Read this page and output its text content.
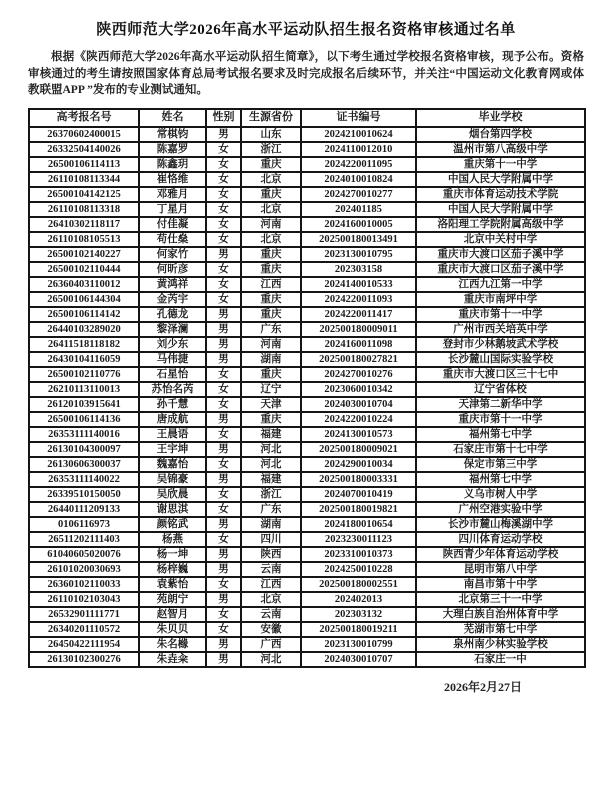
陕西师范大学2026年高水平运动队招生报名资格审核通过名单

根据《陕西师范大学2026年高水平运动队招生简章》，以下考生通过学校报名资格审核，现予公布。资格审核通过的考生请按照国家体育总局考试报名要求及时完成报名后续环节，并关注“中国运动文化教育网或体教联盟APP ”发布的专业测试通知。

高考报名号	姓名	性别	生源省份	证书编号	毕业学校
26370602400015	常棋钧	男	山东	2024210010624	烟台第四学校
26332504140026	陈嘉罗	女	浙江	2024110012010	温州市第八高级中学
26500106114113	陈鑫玥	女	重庆	2024220011095	重庆第十一中学
26110108113344	崔恪维	女	北京	2024010010824	中国人民大学附属中学
26500104142125	邓雅月	女	重庆	2024270010277	重庆市体育运动技术学院
26110108113318	丁星月	女	北京	202401185	中国人民大学附属中学
26410302118117	付佳凝	女	河南	2024160010005	洛阳理工学院附属高级中学
26110108105513	苟仕燊	女	北京	202500180013491	北京中关村中学
26500102140227	何家竹	男	重庆	2023130010795	重庆市大渡口区茄子溪中学
26500102110444	何昕彦	女	重庆	202303158	重庆市大渡口区茄子溪中学
26360403110012	黄鸿祥	女	江西	2024140010533	江西九江第一中学
26500106144304	金芮宇	女	重庆	2024220011093	重庆市南坪中学
26500106114142	孔德龙	男	重庆	2024220011417	重庆市第十一中学
26440103289020	黎泽澜	男	广东	202500180009011	广州市西关培英中学
26411518118182	刘少东	男	河南	2024160011098	登封市少林鹅坡武术学校
26430104116059	马伟捷	男	湖南	202500180027821	长沙麓山国际实验学校
26500102110776	石星怡	女	重庆	2024270010276	重庆市大渡口区三十七中
26210113110013	苏怡名芮	女	辽宁	2023060010342	辽宁省体校
26120103915641	孙千慧	女	天津	2024030010704	天津第二新华中学
26500106114136	唐成航	男	重庆	2024220010224	重庆市第十一中学
26353111140016	王晨语	女	福建	2024130010573	福州第七中学
26130104300097	王宇坤	男	河北	202500180009021	石家庄市第十七中学
26130606300037	魏嘉怡	女	河北	2024290010034	保定市第三中学
26353111140022	吴锦豪	男	福建	202500180003331	福州第七中学
26339510150050	吴欣晨	女	浙江	2024070010419	义乌市树人中学
26440111209133	谢思淇	女	广东	202500180019821	广州空港实验中学
0106116973	颜铭武	男	湖南	2024180010654	长沙市麓山梅溪湖中学
26511202111403	杨燕	女	四川	2023230011123	四川体育运动学校
61040605020076	杨一坤	男	陕西	2023310010373	陕西青少年体育运动学校
26101020030693	杨梓巍	男	云南	2024250010228	昆明市第八中学
26360102110033	袁紫怡	女	江西	202500180002551	南昌市第十中学
26110102103043	苑朗宁	男	北京	202402013	北京第三十一中学
26532901111771	赵智月	女	云南	202303132	大理白族自治州体育中学
26340201110572	朱贝贝	女	安徽	202500180019211	芜湖市第七中学
26450422111954	朱名橼	男	广西	2023130010799	泉州南少林实验学校
26130102300276	朱垚籴	男	河北	2024030010707	石家庄一中
2026年2月27日
